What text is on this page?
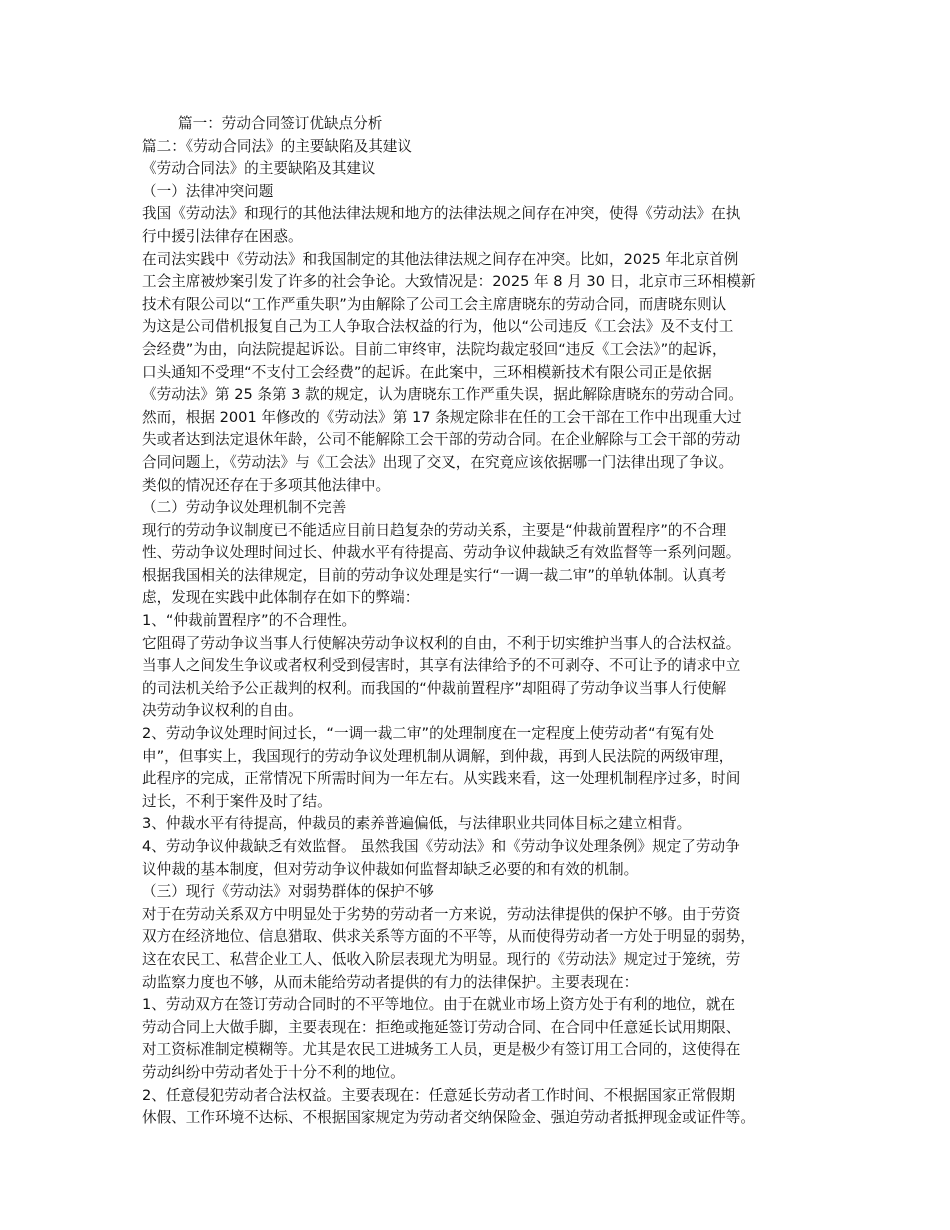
篇一：劳动合同签订优缺点分析
篇二：《劳动合同法》的主要缺陷及其建议
《劳动合同法》的主要缺陷及其建议
（一）法律冲突问题
我国《劳动法》和现行的其他法律法规和地方的法律法规之间存在冲突，使得《劳动法》在执
行中援引法律存在困惑。
在司法实践中《劳动法》和我国制定的其他法律法规之间存在冲突。比如，2025 年北京首例
工会主席被炒案引发了许多的社会争论。大致情况是：2025 年 8 月 30 日，北京市三环相模新
技术有限公司以“工作严重失职”为由解除了公司工会主席唐晓东的劳动合同，而唐晓东则认
为这是公司借机报复自己为工人争取合法权益的行为，他以“公司违反《工会法》及不支付工
会经费”为由，向法院提起诉讼。目前二审终审，法院均裁定驳回“违反《工会法》”的起诉，
口头通知不受理“不支付工会经费”的起诉。在此案中，三环相模新技术有限公司正是依据
《劳动法》第 25 条第 3 款的规定，认为唐晓东工作严重失误，据此解除唐晓东的劳动合同。
然而，根据 2001 年修改的《劳动法》第 17 条规定除非在任的工会干部在工作中出现重大过
失或者达到法定退休年龄，公司不能解除工会干部的劳动合同。在企业解除与工会干部的劳动
合同问题上，《劳动法》与《工会法》出现了交叉，在究竟应该依据哪一门法律出现了争议。
类似的情况还存在于多项其他法律中。
（二）劳动争议处理机制不完善
现行的劳动争议制度已不能适应目前日趋复杂的劳动关系，主要是“仲裁前置程序”的不合理
性、劳动争议处理时间过长、仲裁水平有待提高、劳动争议仲裁缺乏有效监督等一系列问题。
根据我国相关的法律规定，目前的劳动争议处理是实行“一调一裁二审”的单轨体制。认真考
虑，发现在实践中此体制存在如下的弊端：
1、“仲裁前置程序”的不合理性。
它阻碍了劳动争议当事人行使解决劳动争议权利的自由，不利于切实维护当事人的合法权益。
当事人之间发生争议或者权利受到侵害时，其享有法律给予的不可剥夺、不可让予的请求中立
的司法机关给予公正裁判的权利。而我国的“仲裁前置程序”却阻碍了劳动争议当事人行使解
决劳动争议权利的自由。
2、劳动争议处理时间过长，“一调一裁二审”的处理制度在一定程度上使劳动者“有冤有处
申”，但事实上，我国现行的劳动争议处理机制从调解，到仲裁，再到人民法院的两级审理，
此程序的完成，正常情况下所需时间为一年左右。从实践来看，这一处理机制程序过多，时间
过长，不利于案件及时了结。
3、仲裁水平有待提高，仲裁员的素养普遍偏低，与法律职业共同体目标之建立相背。
4、劳动争议仲裁缺乏有效监督。 虽然我国《劳动法》和《劳动争议处理条例》规定了劳动争
议仲裁的基本制度，但对劳动争议仲裁如何监督却缺乏必要的和有效的机制。
（三）现行《劳动法》对弱势群体的保护不够
对于在劳动关系双方中明显处于劣势的劳动者一方来说，劳动法律提供的保护不够。由于劳资
双方在经济地位、信息猎取、供求关系等方面的不平等，从而使得劳动者一方处于明显的弱势，
这在农民工、私营企业工人、低收入阶层表现尤为明显。现行的《劳动法》规定过于笼统，劳
动监察力度也不够，从而未能给劳动者提供的有力的法律保护。主要表现在：
1、劳动双方在签订劳动合同时的不平等地位。由于在就业市场上资方处于有利的地位，就在
劳动合同上大做手脚，主要表现在：拒绝或拖延签订劳动合同、在合同中任意延长试用期限、
对工资标准制定模糊等。尤其是农民工进城务工人员，更是极少有签订用工合同的，这使得在
劳动纠纷中劳动者处于十分不利的地位。
2、任意侵犯劳动者合法权益。主要表现在：任意延长劳动者工作时间、不根据国家正常假期
休假、工作环境不达标、不根据国家规定为劳动者交纳保险金、强迫劳动者抵押现金或证件等。
